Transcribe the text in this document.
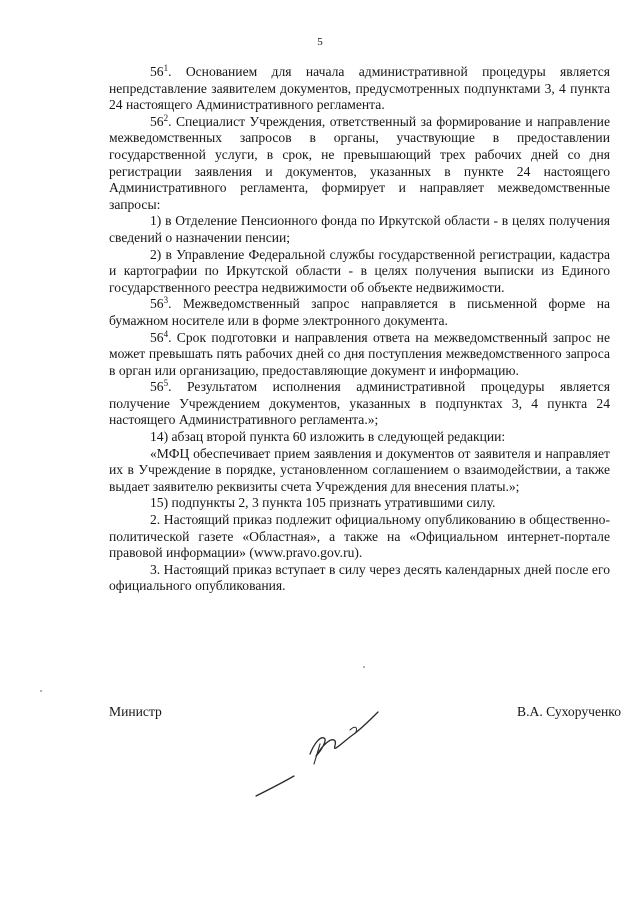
5

$56^1$. Основанием для начала административной процедуры является непредставление заявителем документов, предусмотренных подпунктами 3, 4 пункта 24 настоящего Административного регламента.

$56^2$. Специалист Учреждения, ответственный за формирование и направление межведомственных запросов в органы, участвующие в предоставлении государственной услуги, в срок, не превышающий трех рабочих дней со дня регистрации заявления и документов, указанных в пункте 24 настоящего Административного регламента, формирует и направляет межведомственные запросы:

1) в Отделение Пенсионного фонда по Иркутской области - в целях получения сведений о назначении пенсии;

2) в Управление Федеральной службы государственной регистрации, кадастра и картографии по Иркутской области - в целях получения выписки из Единого государственного реестра недвижимости об объекте недвижимости.

$56^3$. Межведомственный запрос направляется в письменной форме на бумажном носителе или в форме электронного документа.

$56^4$. Срок подготовки и направления ответа на межведомственный запрос не может превышать пять рабочих дней со дня поступления межведомственного запроса в орган или организацию, предоставляющие документ и информацию.

$56^5$. Результатом исполнения административной процедуры является получение Учреждением документов, указанных в подпунктах 3, 4 пункта 24 настоящего Административного регламента.»;

14) абзац второй пункта 60 изложить в следующей редакции:

«МФЦ обеспечивает прием заявления и документов от заявителя и направляет их в Учреждение в порядке, установленном соглашением о взаимодействии, а также выдает заявителю реквизиты счета Учреждения для внесения платы.»;

15) подпункты 2, 3 пункта 105 признать утратившими силу.

2. Настоящий приказ подлежит официальному опубликованию в общественно-политической газете «Областная», а также на «Официальном интернет-портале правовой информации» (www.pravo.gov.ru).

3. Настоящий приказ вступает в силу через десять календарных дней после его официального опубликования.

Министр	В.А. Сухорученко
